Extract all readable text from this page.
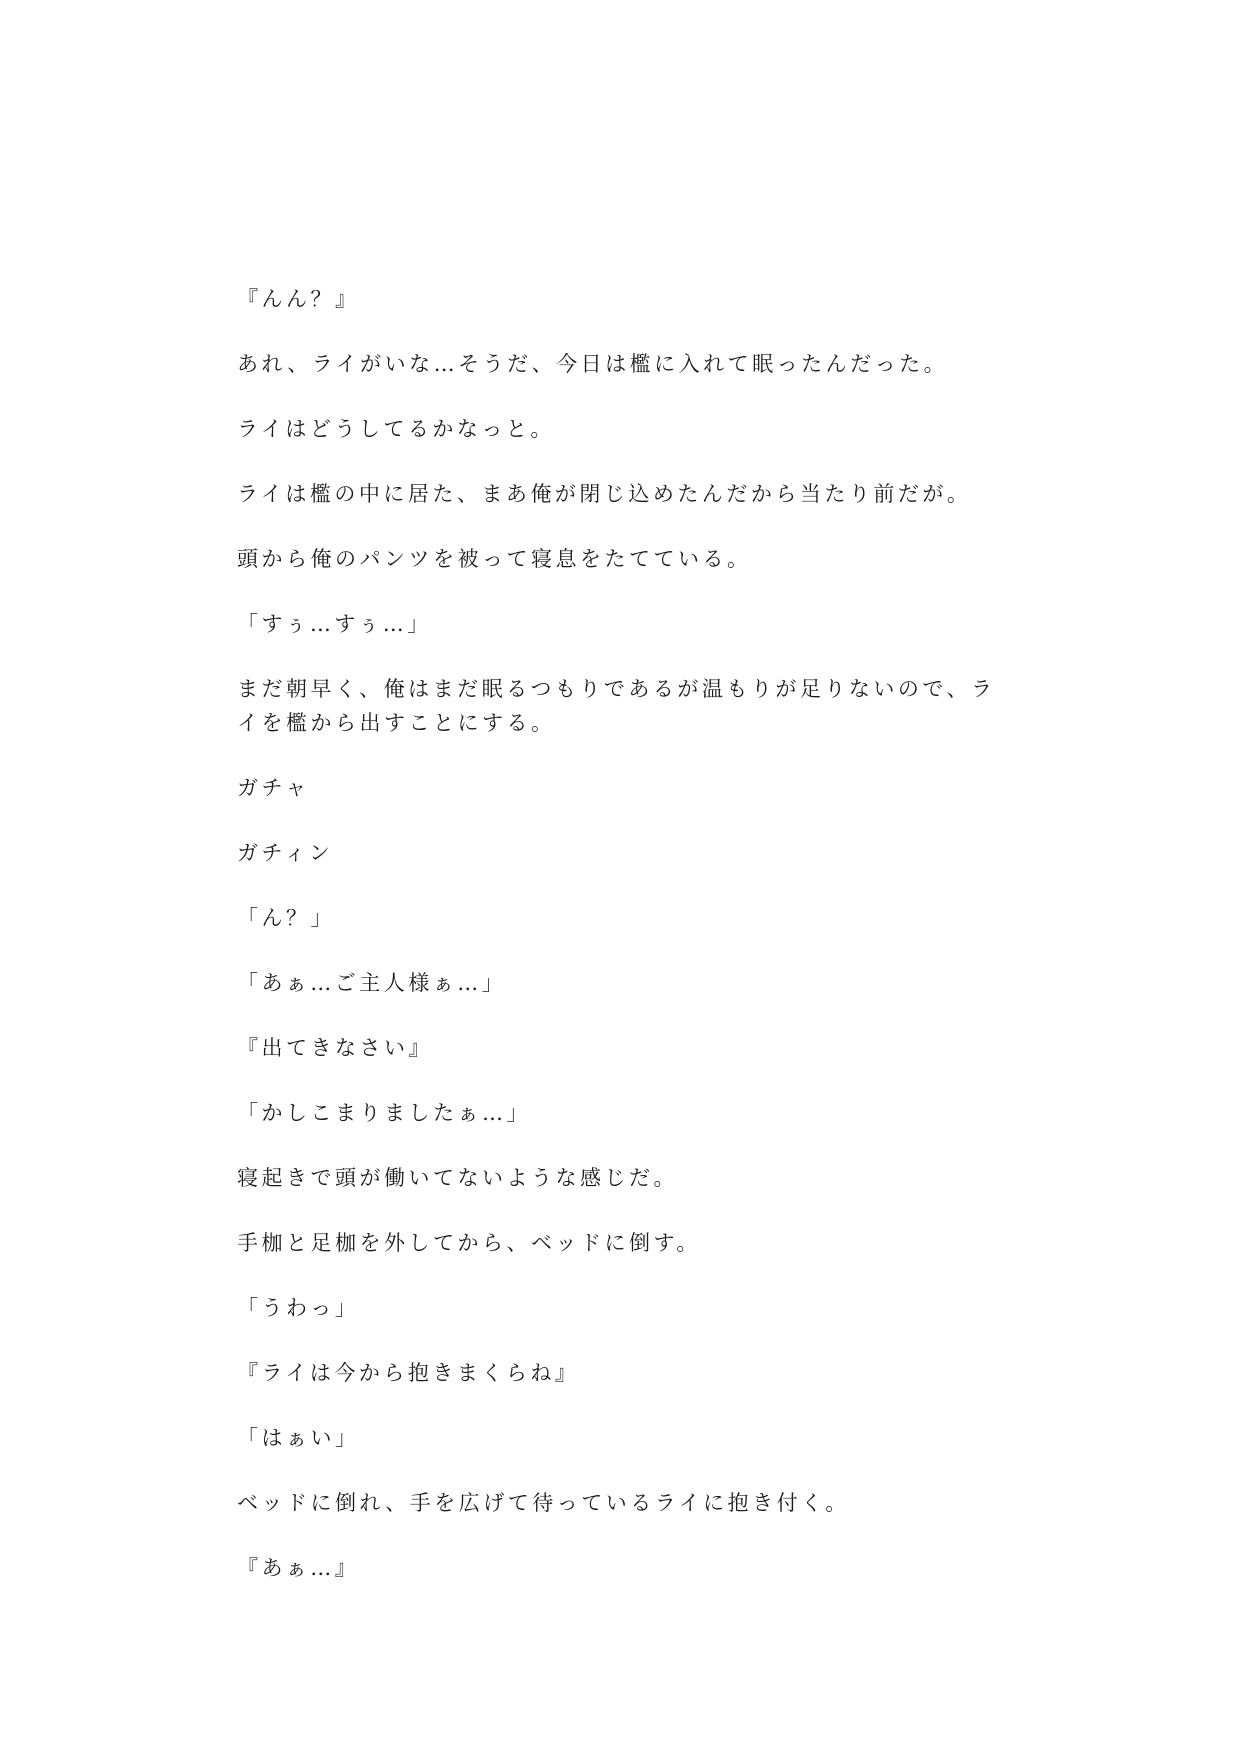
『んん？』

あれ、ライがいな…そうだ、今日は檻に入れて眠ったんだった。

ライはどうしてるかなっと。

ライは檻の中に居た、まあ俺が閉じ込めたんだから当たり前だが。

頭から俺のパンツを被って寝息をたてている。

「すぅ…すぅ…」

まだ朝早く、俺はまだ眠るつもりであるが温もりが足りないので、ライを檻から出すことにする。

ガチャ

ガチィン

「ん？」

「あぁ…ご主人様ぁ…」

『出てきなさい』

「かしこまりましたぁ…」

寝起きで頭が働いてないような感じだ。

手枷と足枷を外してから、ベッドに倒す。

「うわっ」

『ライは今から抱きまくらね』

「はぁい」

ベッドに倒れ、手を広げて待っているライに抱き付く。

『あぁ…』
